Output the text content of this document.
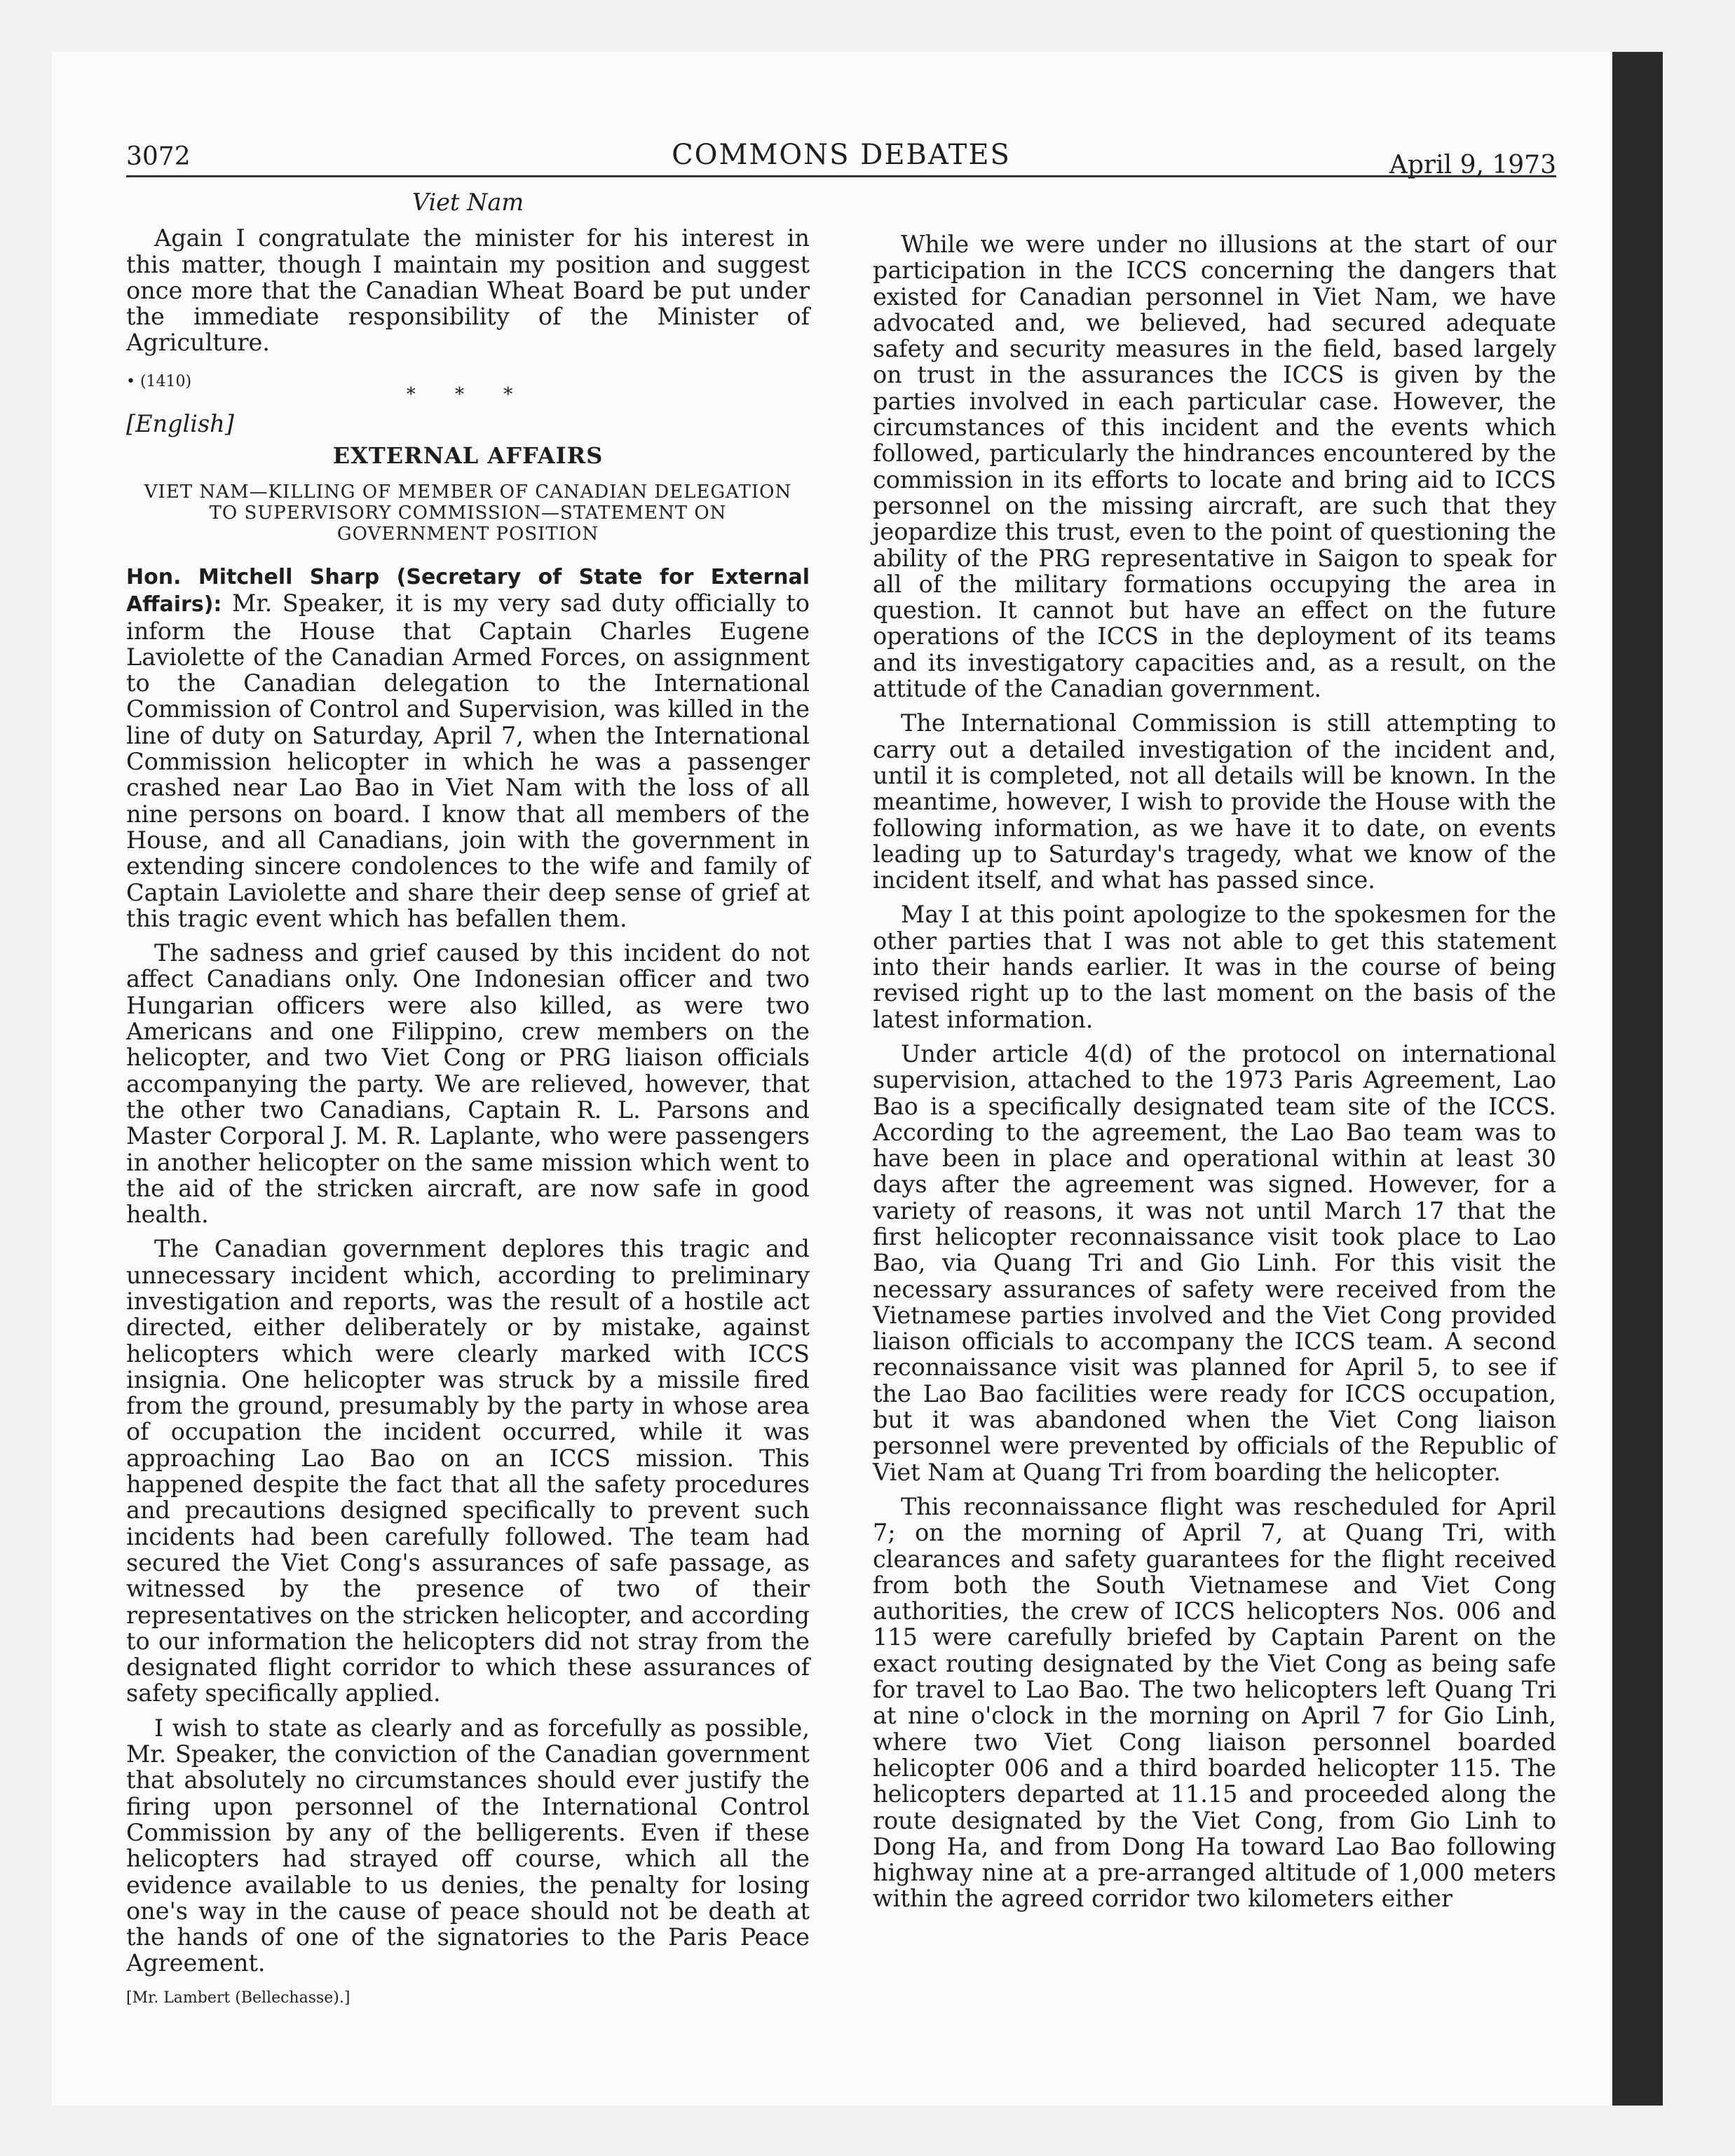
3072	COMMONS DEBATES	April 9, 1973
Viet Nam

Again I congratulate the minister for his interest in this matter, though I maintain my position and suggest once more that the Canadian Wheat Board be put under the immediate responsibility of the Minister of Agriculture.

• (1410)
* * *
[English]
EXTERNAL AFFAIRS
VIET NAM—KILLING OF MEMBER OF CANADIAN DELEGATION TO SUPERVISORY COMMISSION—STATEMENT ON GOVERNMENT POSITION

Hon. Mitchell Sharp (Secretary of State for External Affairs): Mr. Speaker, it is my very sad duty officially to inform the House that Captain Charles Eugene Laviolette of the Canadian Armed Forces, on assignment to the Canadian delegation to the International Commission of Control and Supervision, was killed in the line of duty on Saturday, April 7, when the International Commission helicopter in which he was a passenger crashed near Lao Bao in Viet Nam with the loss of all nine persons on board. I know that all members of the House, and all Canadians, join with the government in extending sincere condolences to the wife and family of Captain Laviolette and share their deep sense of grief at this tragic event which has befallen them.

The sadness and grief caused by this incident do not affect Canadians only. One Indonesian officer and two Hungarian officers were also killed, as were two Americans and one Filippino, crew members on the helicopter, and two Viet Cong or PRG liaison officials accompanying the party. We are relieved, however, that the other two Canadians, Captain R. L. Parsons and Master Corporal J. M. R. Laplante, who were passengers in another helicopter on the same mission which went to the aid of the stricken aircraft, are now safe in good health.

The Canadian government deplores this tragic and unnecessary incident which, according to preliminary investigation and reports, was the result of a hostile act directed, either deliberately or by mistake, against helicopters which were clearly marked with ICCS insignia. One helicopter was struck by a missile fired from the ground, presumably by the party in whose area of occupation the incident occurred, while it was approaching Lao Bao on an ICCS mission. This happened despite the fact that all the safety procedures and precautions designed specifically to prevent such incidents had been carefully followed. The team had secured the Viet Cong's assurances of safe passage, as witnessed by the presence of two of their representatives on the stricken helicopter, and according to our information the helicopters did not stray from the designated flight corridor to which these assurances of safety specifically applied.

I wish to state as clearly and as forcefully as possible, Mr. Speaker, the conviction of the Canadian government that absolutely no circumstances should ever justify the firing upon personnel of the International Control Commission by any of the belligerents. Even if these helicopters had strayed off course, which all the evidence available to us denies, the penalty for losing one's way in the cause of peace should not be death at the hands of one of the signatories to the Paris Peace Agreement.

[Mr. Lambert (Bellechasse).]

While we were under no illusions at the start of our participation in the ICCS concerning the dangers that existed for Canadian personnel in Viet Nam, we have advocated and, we believed, had secured adequate safety and security measures in the field, based largely on trust in the assurances the ICCS is given by the parties involved in each particular case. However, the circumstances of this incident and the events which followed, particularly the hindrances encountered by the commission in its efforts to locate and bring aid to ICCS personnel on the missing aircraft, are such that they jeopardize this trust, even to the point of questioning the ability of the PRG representative in Saigon to speak for all of the military formations occupying the area in question. It cannot but have an effect on the future operations of the ICCS in the deployment of its teams and its investigatory capacities and, as a result, on the attitude of the Canadian government.

The International Commission is still attempting to carry out a detailed investigation of the incident and, until it is completed, not all details will be known. In the meantime, however, I wish to provide the House with the following information, as we have it to date, on events leading up to Saturday's tragedy, what we know of the incident itself, and what has passed since.

May I at this point apologize to the spokesmen for the other parties that I was not able to get this statement into their hands earlier. It was in the course of being revised right up to the last moment on the basis of the latest information.

Under article 4(d) of the protocol on international supervision, attached to the 1973 Paris Agreement, Lao Bao is a specifically designated team site of the ICCS. According to the agreement, the Lao Bao team was to have been in place and operational within at least 30 days after the agreement was signed. However, for a variety of reasons, it was not until March 17 that the first helicopter reconnaissance visit took place to Lao Bao, via Quang Tri and Gio Linh. For this visit the necessary assurances of safety were received from the Vietnamese parties involved and the Viet Cong provided liaison officials to accompany the ICCS team. A second reconnaissance visit was planned for April 5, to see if the Lao Bao facilities were ready for ICCS occupation, but it was abandoned when the Viet Cong liaison personnel were prevented by officials of the Republic of Viet Nam at Quang Tri from boarding the helicopter.

This reconnaissance flight was rescheduled for April 7; on the morning of April 7, at Quang Tri, with clearances and safety guarantees for the flight received from both the South Vietnamese and Viet Cong authorities, the crew of ICCS helicopters Nos. 006 and 115 were carefully briefed by Captain Parent on the exact routing designated by the Viet Cong as being safe for travel to Lao Bao. The two helicopters left Quang Tri at nine o'clock in the morning on April 7 for Gio Linh, where two Viet Cong liaison personnel boarded helicopter 006 and a third boarded helicopter 115. The helicopters departed at 11.15 and proceeded along the route designated by the Viet Cong, from Gio Linh to Dong Ha, and from Dong Ha toward Lao Bao following highway nine at a pre-arranged altitude of 1,000 meters within the agreed corridor two kilometers either
